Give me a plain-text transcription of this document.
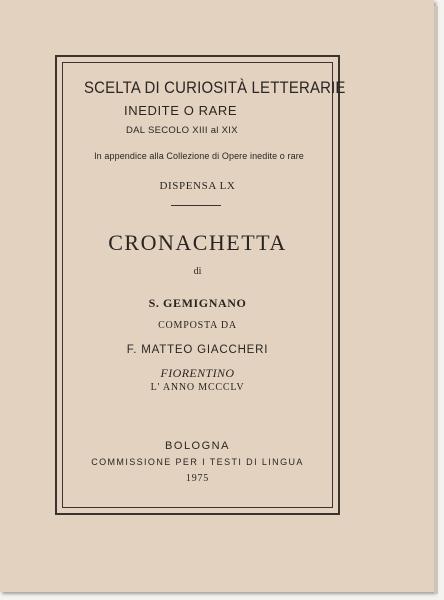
SCELTA DI CURIOSITÀ LETTERARIE
INEDITE O RARE
DAL SECOLO XIII al XIX
In appendice alla Collezione di Opere inedite o rare
DISPENSA LX
CRONACHETTA
di
S. GEMIGNANO
COMPOSTA DA
F. MATTEO GIACCHERI
FIORENTINO
L' ANNO MCCCLV
BOLOGNA
COMMISSIONE PER I TESTI DI LINGUA
1975
